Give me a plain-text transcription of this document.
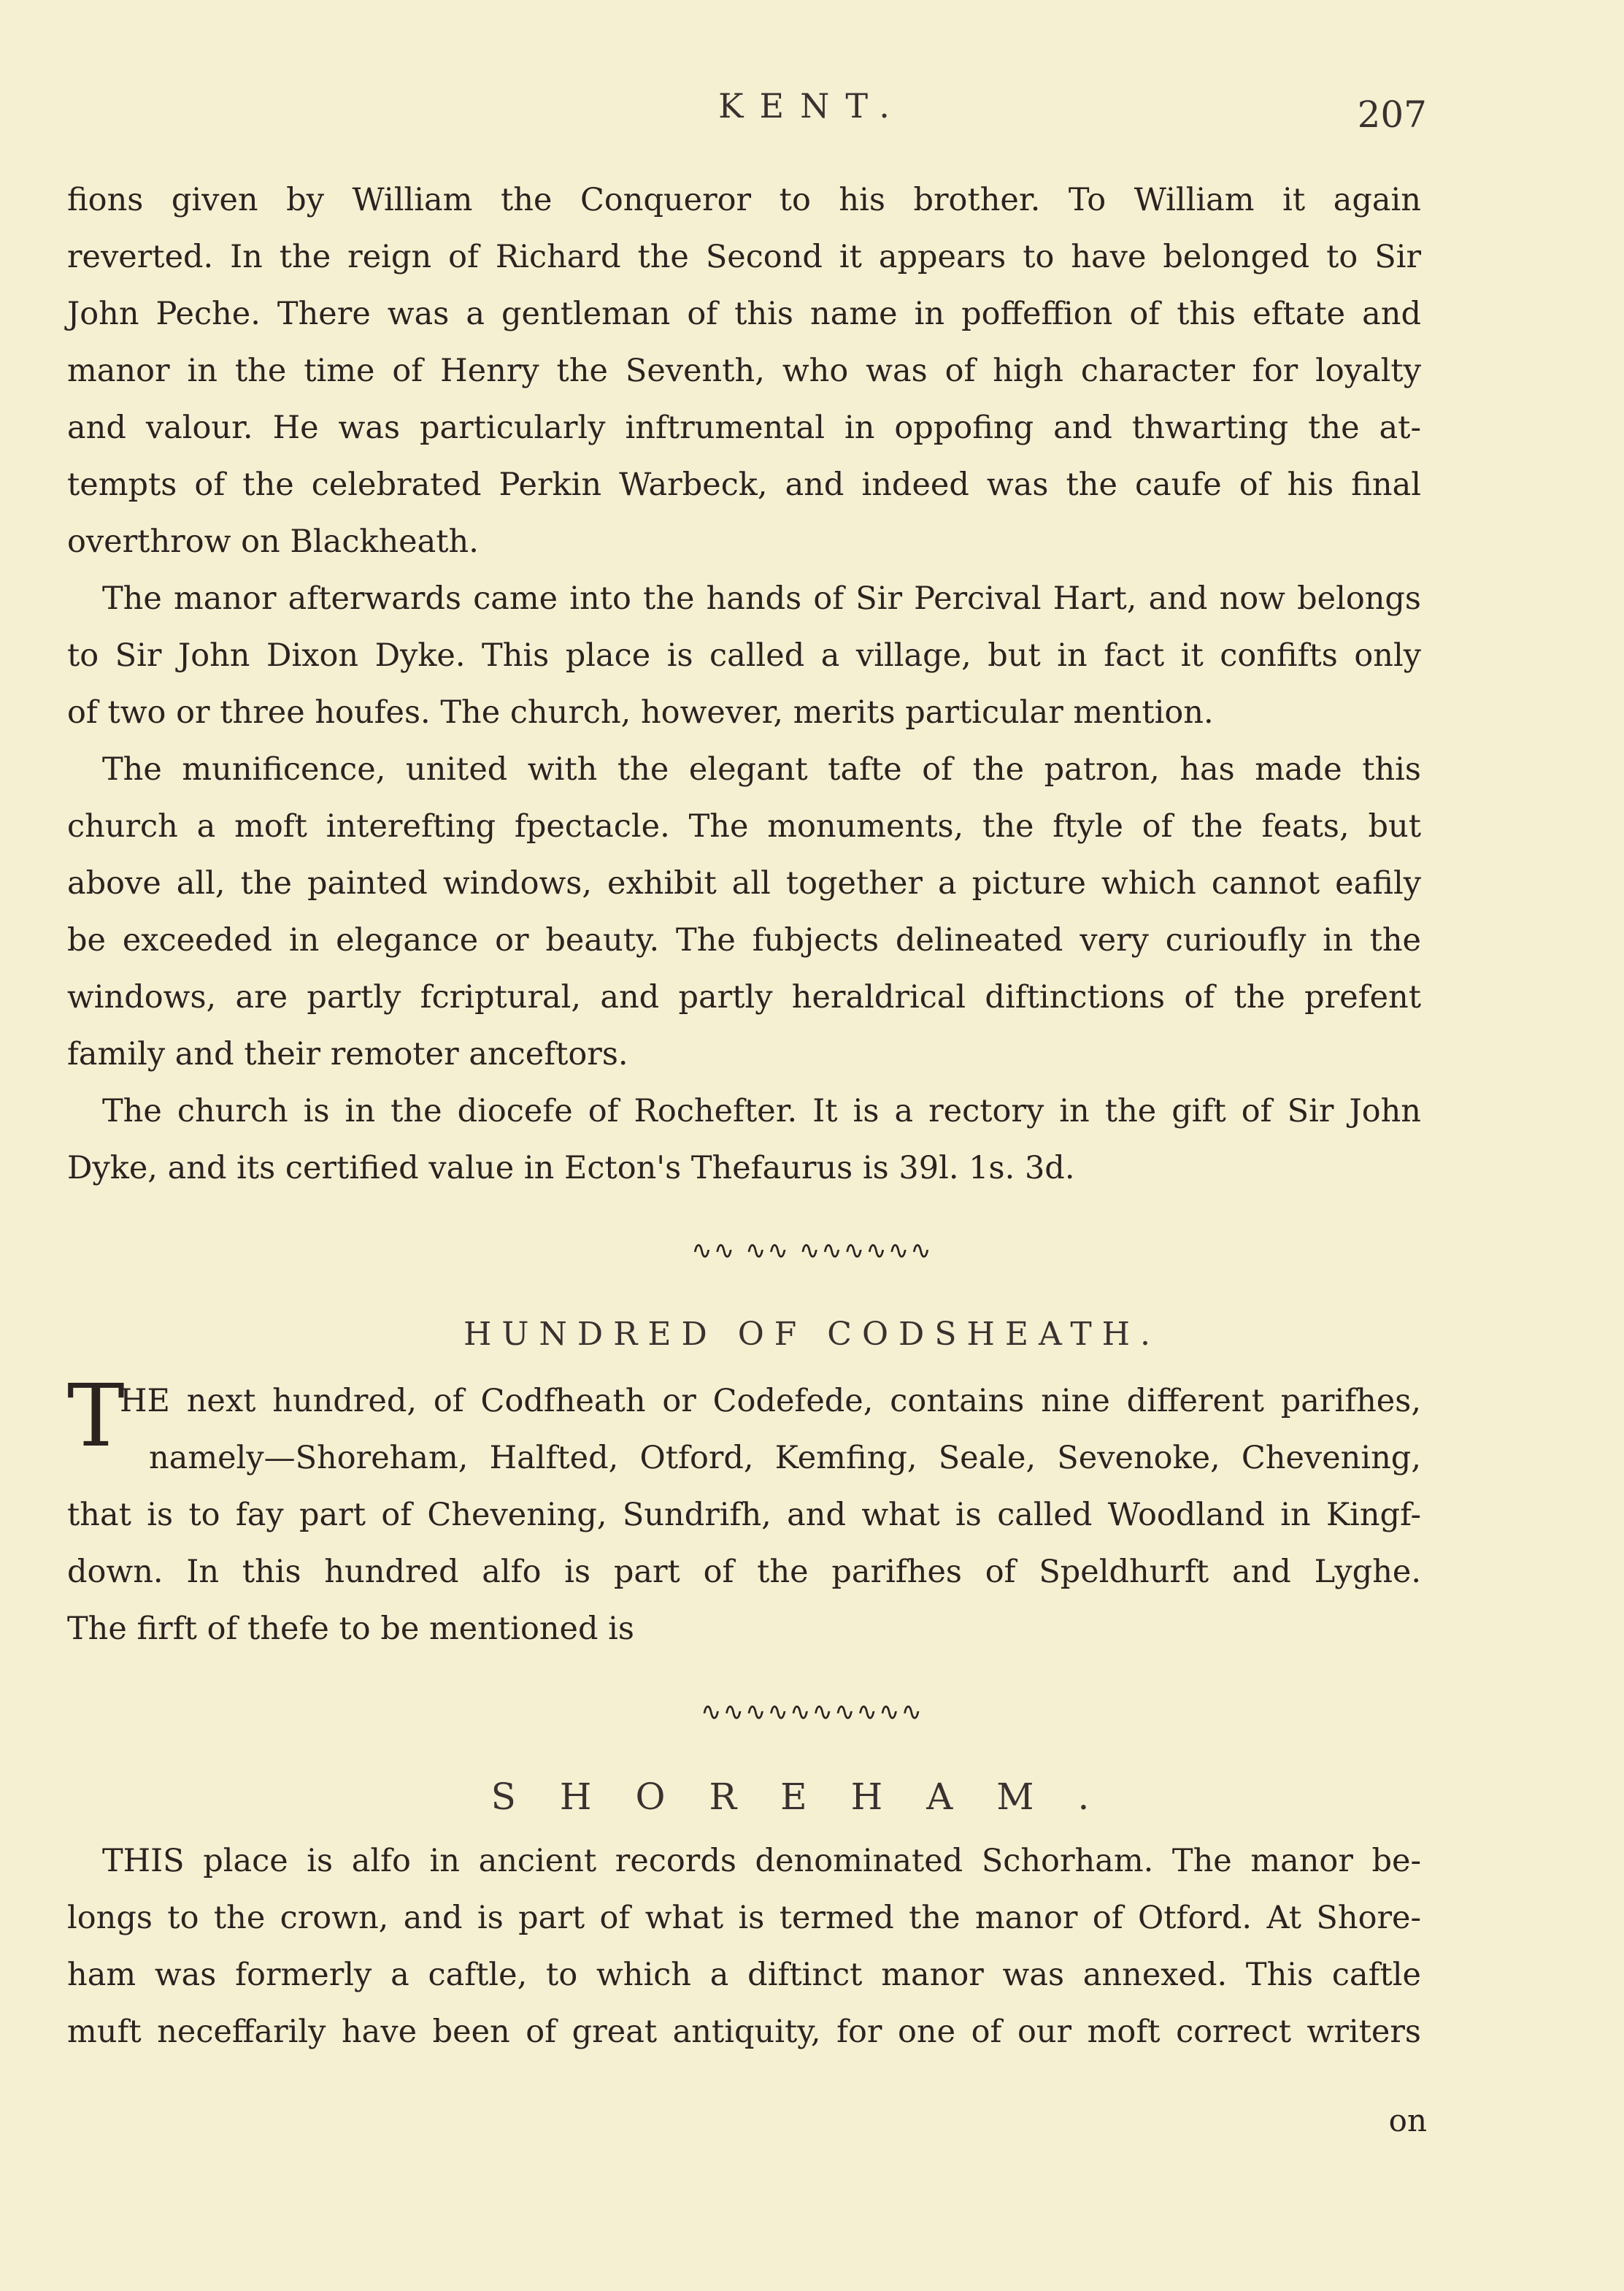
KENT.	207
fions given by William the Conqueror to his brother. To William it again
reverted. In the reign of Richard the Second it appears to have belonged to Sir
John Peche. There was a gentleman of this name in poffeffion of this eftate and
manor in the time of Henry the Seventh, who was of high character for loyalty
and valour. He was particularly inftrumental in oppofing and thwarting the at-
tempts of the celebrated Perkin Warbeck, and indeed was the caufe of his final
overthrow on Blackheath.
The manor afterwards came into the hands of Sir Percival Hart, and now belongs
to Sir John Dixon Dyke. This place is called a village, but in fact it confifts only
of two or three houfes. The church, however, merits particular mention.
The munificence, united with the elegant tafte of the patron, has made this
church a moft interefting fpectacle. The monuments, the ftyle of the feats, but
above all, the painted windows, exhibit all together a picture which cannot eafily
be exceeded in elegance or beauty. The fubjects delineated very curioufly in the
windows, are partly fcriptural, and partly heraldrical diftinctions of the prefent
family and their remoter anceftors.
The church is in the diocefe of Rochefter. It is a rectory in the gift of Sir John
Dyke, and its certified value in Ecton's Thefaurus is 39l. 1s. 3d.
∿∿ ∿∿ ∿∿∿∿∿∿
HUNDRED OF CODSHEATH.
T
HE next hundred, of Codfheath or Codefede, contains nine different parifhes,
namely—Shoreham, Halfted, Otford, Kemfing, Seale, Sevenoke, Chevening,
that is to fay part of Chevening, Sundrifh, and what is called Woodland in Kingf-
down. In this hundred alfo is part of the parifhes of Speldhurft and Lyghe.
The firft of thefe to be mentioned is
∿∿∿∿∿∿∿∿∿∿
SHOREHAM.
THIS place is alfo in ancient records denominated Schorham. The manor be-
longs to the crown, and is part of what is termed the manor of Otford. At Shore-
ham was formerly a caftle, to which a diftinct manor was annexed. This caftle
muft neceffarily have been of great antiquity, for one of our moft correct writers
on
